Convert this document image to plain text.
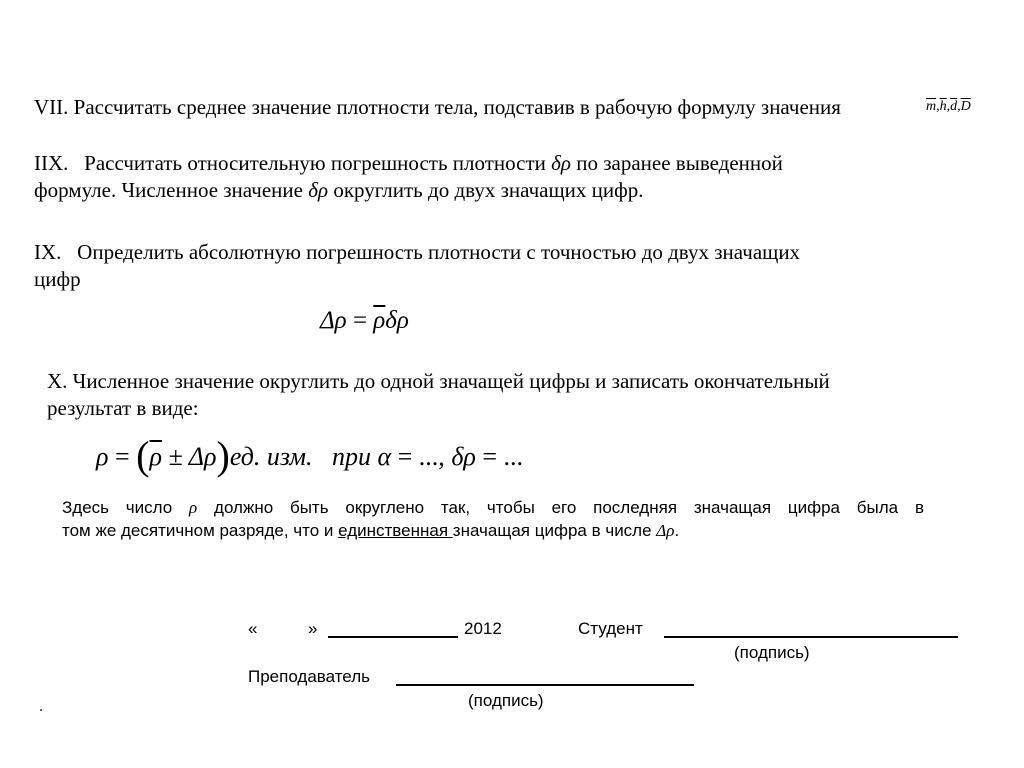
VII. Рассчитать среднее значение плотности тела, подставив в рабочую формулу значения	$\overline{m},\overline{h},\overline{d},\overline{D}$
IIX.   Рассчитать относительную погрешность плотности δρ по заранее выведенной
формуле. Численное значение δρ округлить до двух значащих цифр.
IX.   Определить абсолютную погрешность плотности с точностью до двух значащих
цифр
$\Delta\rho = \overline{\rho}\delta\rho$
X. Численное значение округлить до одной значащей цифры и записать окончательный
результат в виде:
$\rho = (\overline{\rho} \pm \Delta\rho)ед$. изм. при α = ..., δρ = ...
Здесь число ρ должно быть округлено так, чтобы его последняя значащая цифра была в
том же десятичном разряде, что и единственная значащая цифра в числе Δρ.
«	»	2012	Студент
(подпись)
Преподаватель
(подпись)
